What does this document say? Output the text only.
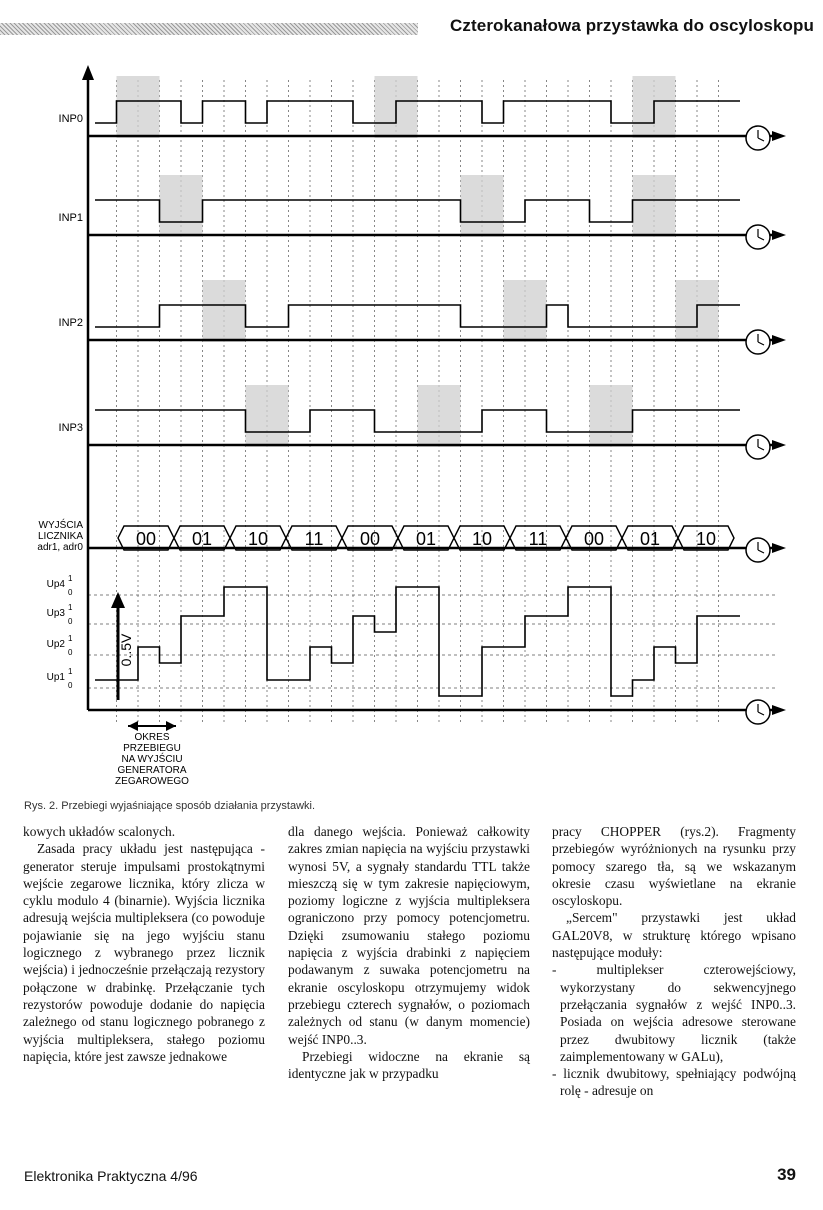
Czterokanałowa przystawka do oscyloskopu
INP0
INP1
INP2
INP3
00 01 10 11 00 01 10 11 00 01 10
WYJŚCIA
LICZNIKA
adr1, adr0
Up4
1
0
Up3
1
0
Up2
1
0
Up1
1
0
0..5V
OKRES
PRZEBIEGU
NA WYJŚCIU
GENERATORA
ZEGAROWEGO
Rys. 2. Przebiegi wyjaśniające sposób działania przystawki.

kowych układów scalonych.

Zasada pracy układu jest następująca - generator steruje impulsami prostokątnymi wejście zegarowe licznika, który zlicza w cyklu modulo 4 (binarnie). Wyjścia licznika adresują wejścia multipleksera (co powoduje pojawianie się na jego wyjściu stanu logicznego z wybranego przez licznik wejścia) i jednocześnie przełączają rezystory połączone w drabinkę. Przełączanie tych rezystorów powoduje dodanie do napięcia zależnego od stanu logicznego pobranego z wyjścia multipleksera, stałego poziomu napięcia, które jest zawsze jednakowe

dla danego wejścia. Ponieważ całkowity zakres zmian napięcia na wyjściu przystawki wynosi 5V, a sygnały standardu TTL także mieszczą się w tym zakresie napięciowym, poziomy logiczne z wyjścia multipleksera ograniczono przy pomocy potencjometru. Dzięki zsumowaniu stałego poziomu napięcia z wyjścia drabinki z napięciem podawanym z suwaka potencjometru na ekranie oscyloskopu otrzymujemy widok przebiegu czterech sygnałów, o poziomach zależnych od stanu (w danym momencie) wejść INP0..3.

Przebiegi widoczne na ekranie są identyczne jak w przypadku

pracy CHOPPER (rys.2). Fragmenty przebiegów wyróżnionych na rysunku przy pomocy szarego tła, są we wskazanym okresie czasu wyświetlane na ekranie oscyloskopu.

„Sercem" przystawki jest układ GAL20V8, w strukturę którego wpisano następujące moduły:

- multiplekser czterowejściowy, wykorzystany do sekwencyjnego przełączania sygnałów z wejść INP0..3. Posiada on wejścia adresowe sterowane przez dwubitowy licznik (także zaimplementowany w GALu),

- licznik dwubitowy, spełniający podwójną rolę - adresuje on

Elektronika Praktyczna 4/96	39
